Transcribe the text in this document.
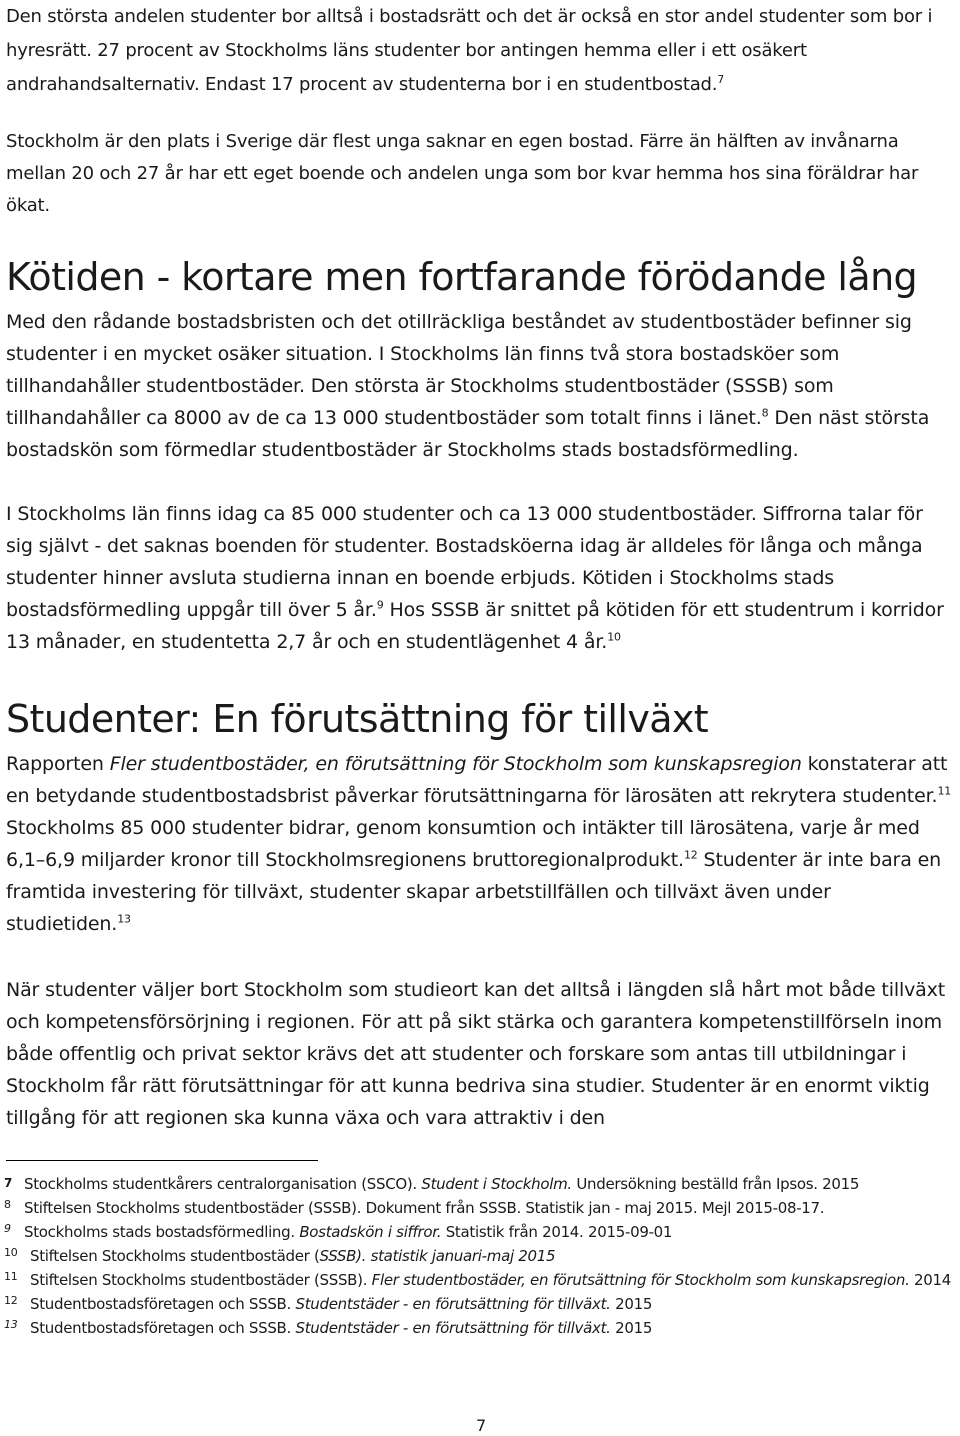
Den största andelen studenter bor alltså i bostadsrätt och det är också en stor andel studenter som bor i hyresrätt. 27 procent av Stockholms läns studenter bor antingen hemma eller i ett osäkert andrahandsalternativ. Endast 17 procent av studenterna bor i en studentbostad.$^7$

Stockholm är den plats i Sverige där flest unga saknar en egen bostad. Färre än hälften av invånarna mellan 20 och 27 år har ett eget boende och andelen unga som bor kvar hemma hos sina föräldrar har ökat.

Kötiden - kortare men fortfarande förödande lång

Med den rådande bostadsbristen och det otillräckliga beståndet av studentbostäder befinner sig studenter i en mycket osäker situation. I Stockholms län finns två stora bostadsköer som tillhandahåller studentbostäder. Den största är Stockholms studentbostäder (SSSB) som tillhandahåller ca 8000 av de ca 13 000 studentbostäder som totalt finns i länet.$^8$ Den näst största bostadskön som förmedlar studentbostäder är Stockholms stads bostadsförmedling.

I Stockholms län finns idag ca 85 000 studenter och ca 13 000 studentbostäder. Siffrorna talar för sig självt - det saknas boenden för studenter. Bostadsköerna idag är alldeles för långa och många studenter hinner avsluta studierna innan en boende erbjuds. Kötiden i Stockholms stads bostadsförmedling uppgår till över 5 år.$^9$ Hos SSSB är snittet på kötiden för ett studentrum i korridor 13 månader, en studentetta 2,7 år och en studentlägenhet 4 år.$^{10}$

Studenter: En förutsättning för tillväxt

Rapporten Fler studentbostäder, en förutsättning för Stockholm som kunskapsregion konstaterar att en betydande studentbostadsbrist påverkar förutsättningarna för lärosäten att rekrytera studenter.$^{11}$ Stockholms 85 000 studenter bidrar, genom konsumtion och intäkter till lärosätena, varje år med 6,1–6,9 miljarder kronor till Stockholmsregionens bruttoregionalprodukt.$^{12}$ Studenter är inte bara en framtida investering för tillväxt, studenter skapar arbetstillfällen och tillväxt även under studietiden.$^{13}$

När studenter väljer bort Stockholm som studieort kan det alltså i längden slå hårt mot både tillväxt och kompetensförsörjning i regionen. För att på sikt stärka och garantera kompetenstillförseln inom både offentlig och privat sektor krävs det att studenter och forskare som antas till utbildningar i Stockholm får rätt förutsättningar för att kunna bedriva sina studier. Studenter är en enormt viktig tillgång för att regionen ska kunna växa och vara attraktiv i den

7 Stockholms studentkårers centralorganisation (SSCO). Student i Stockholm. Undersökning beställd från Ipsos. 2015
8 Stiftelsen Stockholms studentbostäder (SSSB). Dokument från SSSB. Statistik jan - maj 2015. Mejl 2015-08-17.
9 Stockholms stads bostadsförmedling. Bostadskön i siffror. Statistik från 2014. 2015-09-01
10 Stiftelsen Stockholms studentbostäder (SSSB). statistik januari-maj 2015
11 Stiftelsen Stockholms studentbostäder (SSSB). Fler studentbostäder, en förutsättning för Stockholm som kunskapsregion. 2014
12 Studentbostadsföretagen och SSSB. Studentstäder - en förutsättning för tillväxt. 2015
13 Studentbostadsföretagen och SSSB. Studentstäder - en förutsättning för tillväxt. 2015
7
